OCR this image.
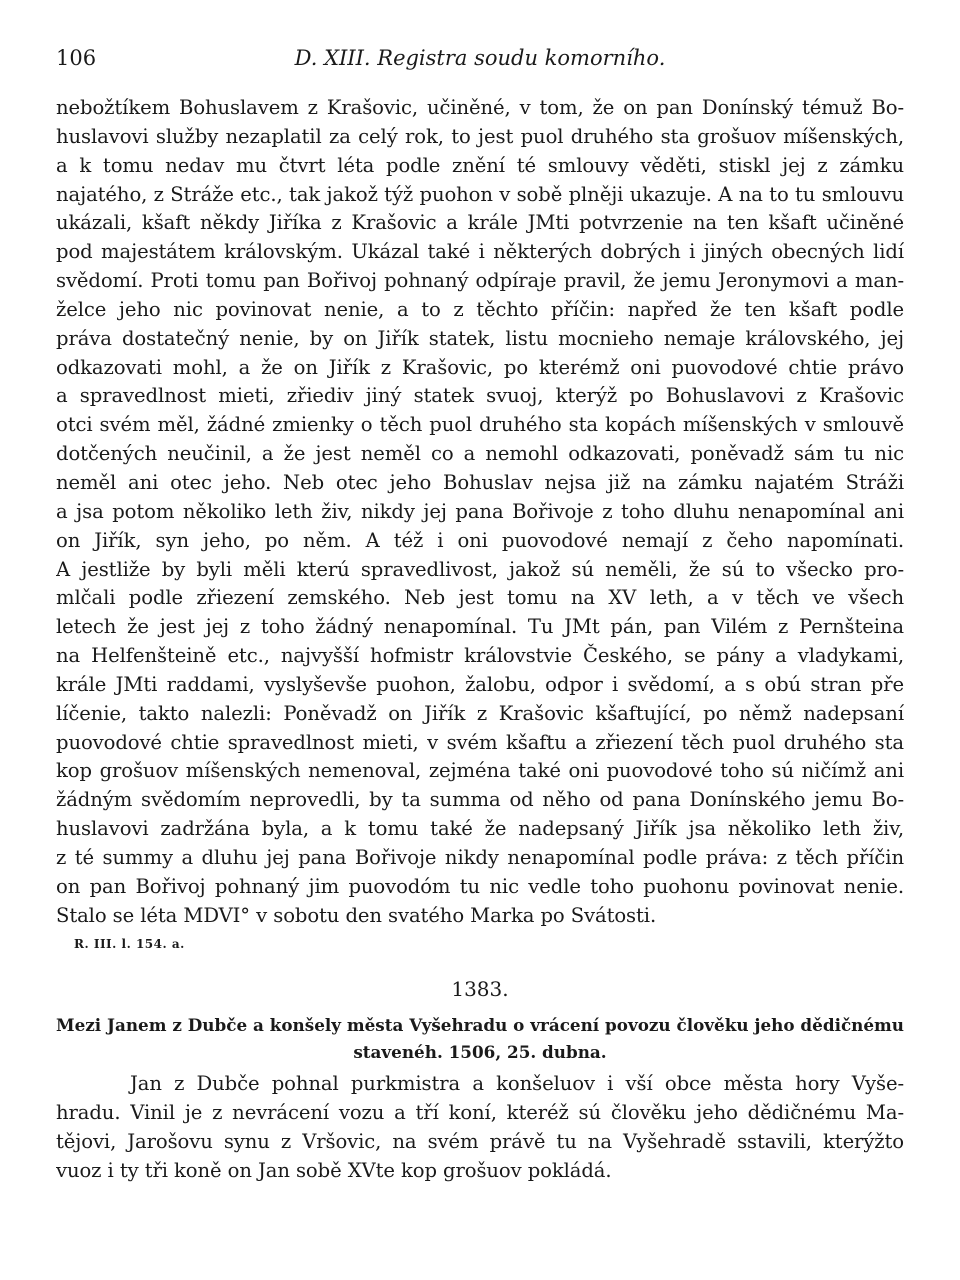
106	D. XIII. Registra soudu komorního.
nebožtíkem Bohuslavem z Krašovic, učiněné, v tom, že on pan Donínský témuž Bo-
huslavovi služby nezaplatil za celý rok, to jest puol druhého sta grošuov míšenských,
a k tomu nedav mu čtvrt léta podle znění té smlouvy věděti, stiskl jej z zámku
najatého, z Stráže etc., tak jakož týž puohon v sobě plněji ukazuje. A na to tu smlouvu
ukázali, kšaft někdy Jiříka z Krašovic a krále JMti potvrzenie na ten kšaft učiněné
pod majestátem královským. Ukázal také i některých dobrých i jiných obecných lidí
svědomí. Proti tomu pan Bořivoj pohnaný odpíraje pravil, že jemu Jeronymovi a man-
želce jeho nic povinovat nenie, a to z těchto příčin: napřed že ten kšaft podle
práva dostatečný nenie, by on Jiřík statek, listu mocnieho nemaje královského, jej
odkazovati mohl, a že on Jiřík z Krašovic, po kterémž oni puovodové chtie právo
a spravedlnost mieti, zřiediv jiný statek svuoj, kterýž po Bohuslavovi z Krašovic
otci svém měl, žádné zmienky o těch puol druhého sta kopách míšenských v smlouvě
dotčených neučinil, a že jest neměl co a nemohl odkazovati, poněvadž sám tu nic
neměl ani otec jeho. Neb otec jeho Bohuslav nejsa již na zámku najatém Stráži
a jsa potom několiko leth živ, nikdy jej pana Bořivoje z toho dluhu nenapomínal ani
on Jiřík, syn jeho, po něm. A též i oni puovodové nemají z čeho napomínati.
A jestliže by byli měli kterú spravedlivost, jakož sú neměli, že sú to všecko pro-
mlčali podle zřiezení zemského. Neb jest tomu na XV leth, a v těch ve všech
letech že jest jej z toho žádný nenapomínal. Tu JMt pán, pan Vilém z Pernšteina
na Helfenšteině etc., najvyšší hofmistr královstvie Českého, se pány a vladykami,
krále JMti raddami, vyslyševše puohon, žalobu, odpor i svědomí, a s obú stran pře
líčenie, takto nalezli: Poněvadž on Jiřík z Krašovic kšaftující, po němž nadepsaní
puovodové chtie spravedlnost mieti, v svém kšaftu a zřiezení těch puol druhého sta
kop grošuov míšenských nemenoval, zejména také oni puovodové toho sú ničímž ani
žádným svědomím neprovedli, by ta summa od něho od pana Donínského jemu Bo-
huslavovi zadržána byla, a k tomu také že nadepsaný Jiřík jsa několiko leth živ,
z té summy a dluhu jej pana Bořivoje nikdy nenapomínal podle práva: z těch příčin
on pan Bořivoj pohnaný jim puovodóm tu nic vedle toho puohonu povinovat nenie.
Stalo se léta MDVI° v sobotu den svatého Marka po Svátosti.
R. III. l. 154. a.
1383.
Mezi Janem z Dubče a konšely města Vyšehradu o vrácení povozu člověku jeho dědičnému
stavenéh. 1506, 25. dubna.
Jan z Dubče pohnal purkmistra a konšeluov i vší obce města hory Vyše-
hradu. Vinil je z nevrácení vozu a tří koní, kteréž sú člověku jeho dědičnému Ma-
tějovi, Jarošovu synu z Vršovic, na svém právě tu na Vyšehradě sstavili, kterýžto
vuoz i ty tři koně on Jan sobě XVte kop grošuov pokládá.
